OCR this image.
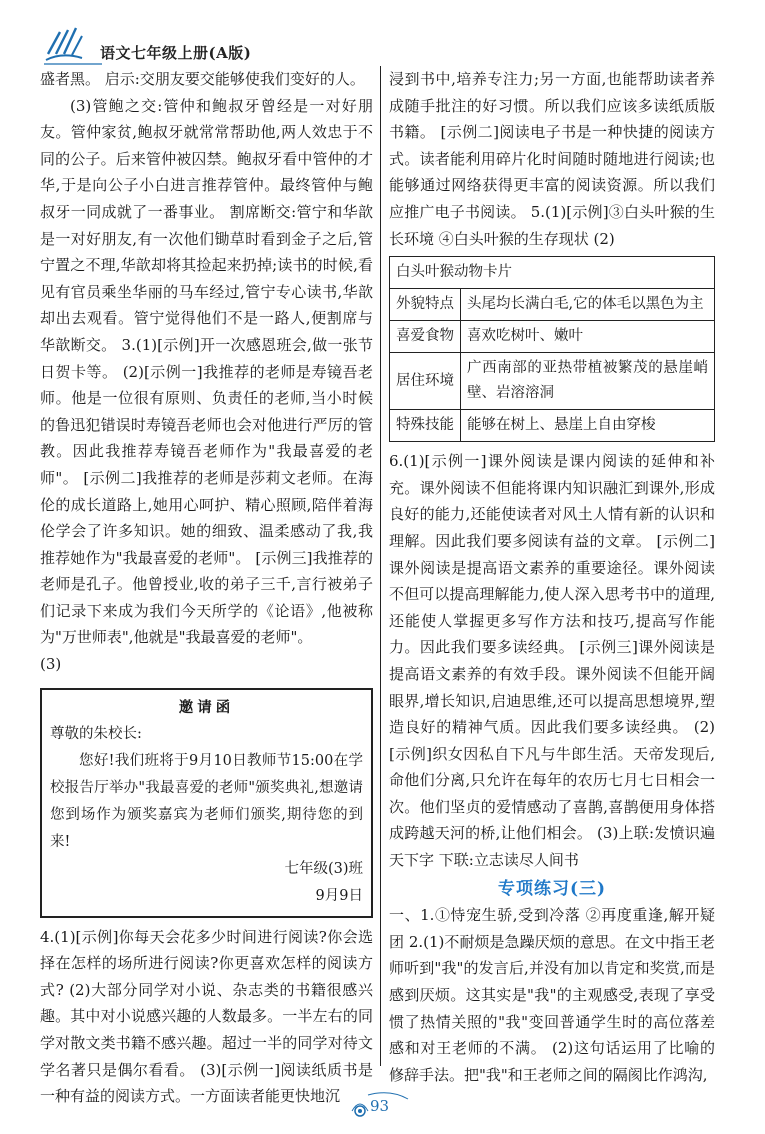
语文七年级上册(A版)

盛者黑。 启示:交朋友要交能够使我们变好的人。

(3)管鲍之交:管仲和鲍叔牙曾经是一对好朋友。管仲家贫,鲍叔牙就常常帮助他,两人效忠于不同的公子。后来管仲被囚禁。鲍叔牙看中管仲的才华,于是向公子小白进言推荐管仲。最终管仲与鲍叔牙一同成就了一番事业。 割席断交:管宁和华歆是一对好朋友,有一次他们锄草时看到金子之后,管宁置之不理,华歆却将其捡起来扔掉;读书的时候,看见有官员乘坐华丽的马车经过,管宁专心读书,华歆却出去观看。管宁觉得他们不是一路人,便割席与华歆断交。 3.(1)[示例]开一次感恩班会,做一张节日贺卡等。 (2)[示例一]我推荐的老师是寿镜吾老师。他是一位很有原则、负责任的老师,当小时候的鲁迅犯错误时寿镜吾老师也会对他进行严厉的管教。因此我推荐寿镜吾老师作为"我最喜爱的老师"。 [示例二]我推荐的老师是莎莉文老师。在海伦的成长道路上,她用心呵护、精心照顾,陪伴着海伦学会了许多知识。她的细致、温柔感动了我,我推荐她作为"我最喜爱的老师"。 [示例三]我推荐的老师是孔子。他曾授业,收的弟子三千,言行被弟子们记录下来成为我们今天所学的《论语》,他被称为"万世师表",他就是"我最喜爱的老师"。

(3)

邀请函
尊敬的朱校长:
您好!我们班将于9月10日教师节15:00在学校报告厅举办"我最喜爱的老师"颁奖典礼,想邀请您到场作为颁奖嘉宾为老师们颁奖,期待您的到来!
七年级(3)班
9月9日

4.(1)[示例]你每天会花多少时间进行阅读?你会选择在怎样的场所进行阅读?你更喜欢怎样的阅读方式? (2)大部分同学对小说、杂志类的书籍很感兴趣。其中对小说感兴趣的人数最多。一半左右的同学对散文类书籍不感兴趣。超过一半的同学对待文学名著只是偶尔看看。 (3)[示例一]阅读纸质书是一种有益的阅读方式。一方面读者能更快地沉

浸到书中,培养专注力;另一方面,也能帮助读者养成随手批注的好习惯。所以我们应该多读纸质版书籍。 [示例二]阅读电子书是一种快捷的阅读方式。读者能利用碎片化时间随时随地进行阅读;也能够通过网络获得更丰富的阅读资源。所以我们应推广电子书阅读。 5.(1)[示例]③白头叶猴的生长环境 ④白头叶猴的生存现状 (2)

白头叶猴动物卡片	
外貌特点	头尾均长满白毛,它的体毛以黑色为主
喜爱食物	喜欢吃树叶、嫩叶
居住环境	广西南部的亚热带植被繁茂的悬崖峭壁、岩溶溶洞
特殊技能	能够在树上、悬崖上自由穿梭

6.(1)[示例一]课外阅读是课内阅读的延伸和补充。课外阅读不但能将课内知识融汇到课外,形成良好的能力,还能使读者对风土人情有新的认识和理解。因此我们要多阅读有益的文章。 [示例二]课外阅读是提高语文素养的重要途径。课外阅读不但可以提高理解能力,使人深入思考书中的道理,还能使人掌握更多写作方法和技巧,提高写作能力。因此我们要多读经典。 [示例三]课外阅读是提高语文素养的有效手段。课外阅读不但能开阔眼界,增长知识,启迪思维,还可以提高思想境界,塑造良好的精神气质。因此我们要多读经典。 (2)[示例]织女因私自下凡与牛郎生活。天帝发现后,命他们分离,只允许在每年的农历七月七日相会一次。他们坚贞的爱情感动了喜鹊,喜鹊便用身体搭成跨越天河的桥,让他们相会。 (3)上联:发愤识遍天下字 下联:立志读尽人间书

专项练习(三)

一、1.①恃宠生骄,受到冷落 ②再度重逢,解开疑团 2.(1)不耐烦是急躁厌烦的意思。在文中指王老师听到"我"的发言后,并没有加以肯定和奖赏,而是感到厌烦。这其实是"我"的主观感受,表现了享受惯了热情关照的"我"变回普通学生时的高位落差感和对王老师的不满。 (2)这句话运用了比喻的修辞手法。把"我"和王老师之间的隔阂比作鸿沟,

93
